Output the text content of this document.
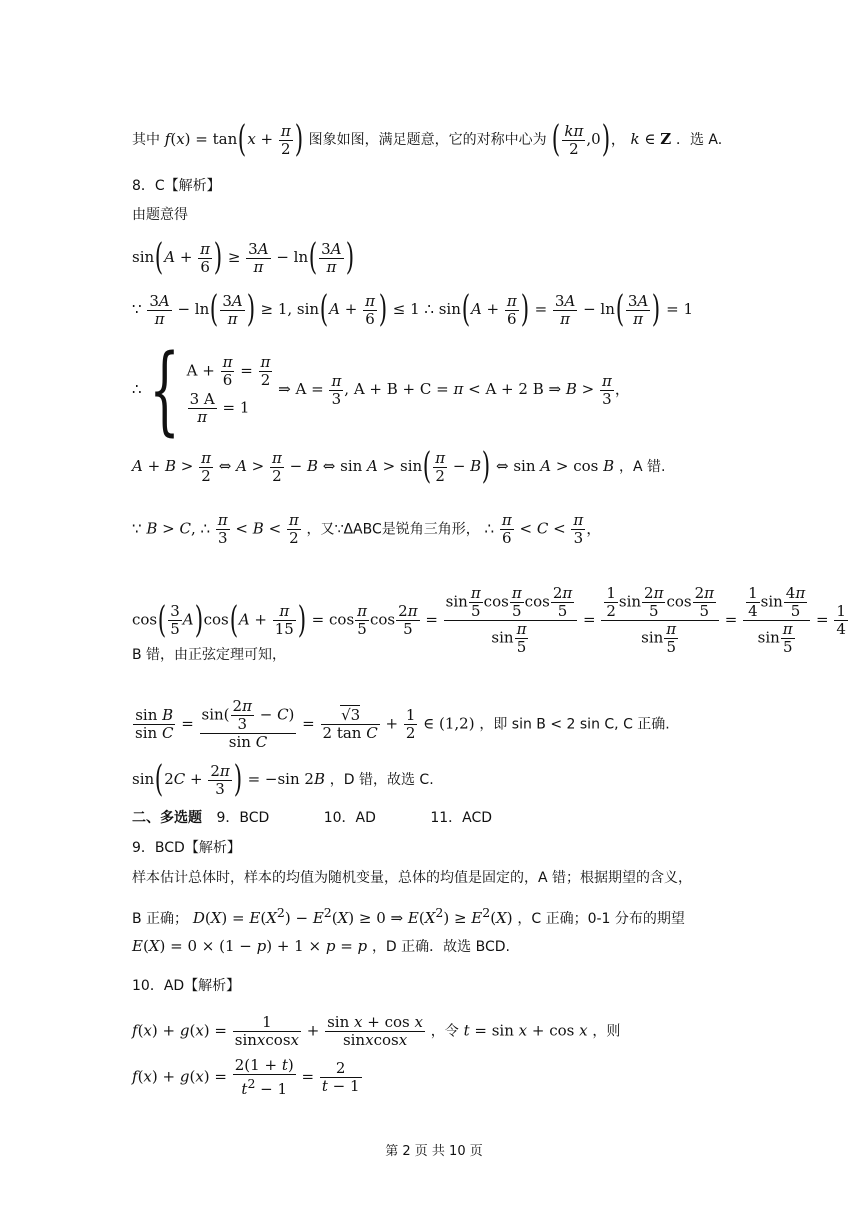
其中 $f(x) = \tan(x + \frac{\pi}{2}$ ) 图象如图，满足题意，它的对称中心为 ( $\frac{k\pi}{2} ,0$)， k ∈ Z ．选 A.
8．C【解析】
由题意得
$\sin(A + \frac{\pi}{6}$ ) ≥ $\frac{3A}{\pi} - \ln( \frac{3A}{\pi}$ )
∵ $\frac{3A}{\pi} - \ln( \frac{3A}{\pi}$ ) ≥ 1, $\sin(A + \frac{\pi}{6}$ ) ≤ 1 ∴ $\sin(A + \frac{\pi}{6}$ ) = $\frac{3A}{\pi} - \ln( \frac{3A}{\pi}$ ) = 1
∴{ $A + \frac{\pi}{6} = \frac{\pi}{2}$
$\frac{3 A}{\pi} = 1$
⇒ $A = \frac{\pi}{3}$ , A + B + C = π < A + 2 B ⇒ $B > \frac{\pi}{3}$ ，
$A + B > \frac{\pi}{2}$ ⇔ $A > \frac{\pi}{2} - B$ ⇔ $\sin A > \sin( \frac{\pi}{2} - B)$ ⇔ sin A > cos B ，A 错.
∵ B > C, ∴ $\frac{\pi}{3} < B < \frac{\pi}{2}$ ，又∵ΔABC是锐角三角形， ∴ $\frac{\pi}{6} < C < \frac{\pi}{3}$ ，
$\cos( \frac{3}{5} A)\cos(A + \frac{\pi}{15}$ ) = $\cos \frac{\pi}{5}$ $\cos \frac{2\pi}{5} = \frac{\sin \frac{\pi}{5} \cos \frac{\pi}{5} \cos \frac{2\pi}{5}}{\sin \frac{\pi}{5}} = \frac{\frac{1}{2} \sin \frac{2\pi}{5} \cos \frac{2\pi}{5}}{\sin \frac{\pi}{5}} = \frac{\frac{1}{4} \sin \frac{4\pi}{5}}{\sin \frac{\pi}{5}} = \frac{1}{4}$
B 错，由正弦定理可知，
$\frac{\text{sin B}}{\text{sin C}} = \frac{\sin( \frac{2\pi}{3} - C)}{\text{sin C}} = \frac{√3}{\text{2 tan C}} + \frac{1}{2}$ ∈ (1,2) ，即 sin B < 2 sin C, C 正确.
$\sin(2C + \frac{2\pi}{3}$ ) = −sin 2B ，D 错，故选 C.
二、多选题 9．BCD	10．AD	11．ACD
9．BCD【解析】
样本估计总体时，样本的均值为随机变量，总体的均值是固定的，A 错；根据期望的含义，
B 正确； $D(X) = E(X^2) - E^2(X) \ge 0$ ⇒ $E(X^2) \ge E^2(X)$ ，C 正确；0-1 分布的期望
E(X) = 0 × (1 − p) + 1 × p = p ，D 正确．故选 BCD.
10．AD【解析】
$f(x) + g(x) = \frac{1}{\text{sinxcosx}} + \frac{\text{sin x + cos x}}{\text{sinxcosx}}$ ，令 t = sin x + cos x ，则
$f(x) + g(x) = \frac{2(1 + t)}{t^2 - 1} = \frac{2}{t - 1}$
第 2 页 共 10 页
